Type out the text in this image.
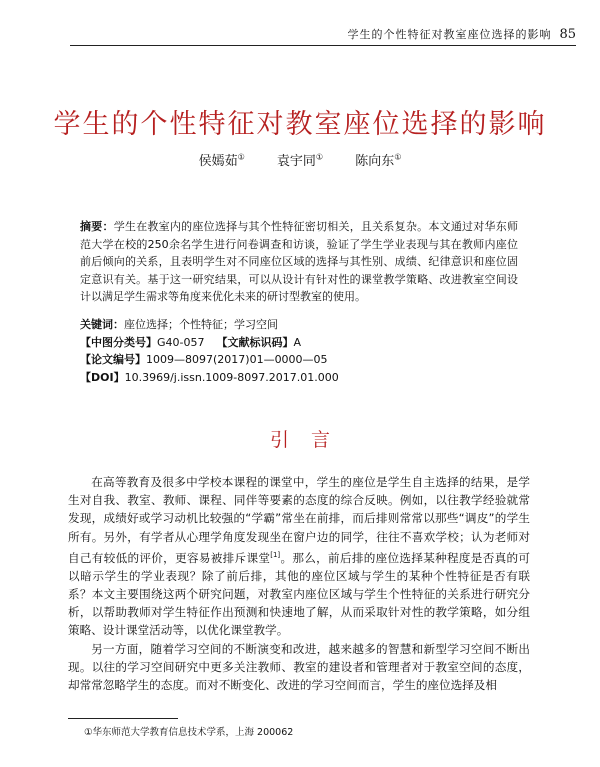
学生的个性特征对教室座位选择的影响 85
学生的个性特征对教室座位选择的影响
侯嫣茹① 袁宇同① 陈向东①
摘要：学生在教室内的座位选择与其个性特征密切相关，且关系复杂。本文通过对华东师范大学在校的250余名学生进行问卷调查和访谈，验证了学生学业表现与其在教师内座位前后倾向的关系，且表明学生对不同座位区域的选择与其性别、成绩、纪律意识和座位固定意识有关。基于这一研究结果，可以从设计有针对性的课堂教学策略、改进教室空间设计以满足学生需求等角度来优化未来的研讨型教室的使用。
关键词：座位选择；个性特征；学习空间
【中图分类号】G40-057 【文献标识码】A
【论文编号】1009—8097(2017)01—0000—05
【DOI】10.3969/j.issn.1009-8097.2017.01.000
引言

在高等教育及很多中学校本课程的课堂中，学生的座位是学生自主选择的结果，是学生对自我、教室、教师、课程、同伴等要素的态度的综合反映。例如，以往教学经验就常发现，成绩好或学习动机比较强的“学霸”常坐在前排，而后排则常常以那些“调皮”的学生所有。另外，有学者从心理学角度发现坐在窗户边的同学，往往不喜欢学校；认为老师对自己有较低的评价，更容易被排斥课堂[1]。那么，前后排的座位选择某种程度是否真的可以暗示学生的学业表现？除了前后排，其他的座位区域与学生的某种个性特征是否有联系？本文主要围绕这两个研究问题，对教室内座位区域与学生个性特征的关系进行研究分析，以帮助教师对学生特征作出预测和快速地了解，从而采取针对性的教学策略，如分组策略、设计课堂活动等，以优化课堂教学。

另一方面，随着学习空间的不断演变和改进，越来越多的智慧和新型学习空间不断出现。以往的学习空间研究中更多关注教师、教室的建设者和管理者对于教室空间的态度，却常常忽略学生的态度。而对不断变化、改进的学习空间而言，学生的座位选择及相

①华东师范大学教育信息技术学系，上海 200062
